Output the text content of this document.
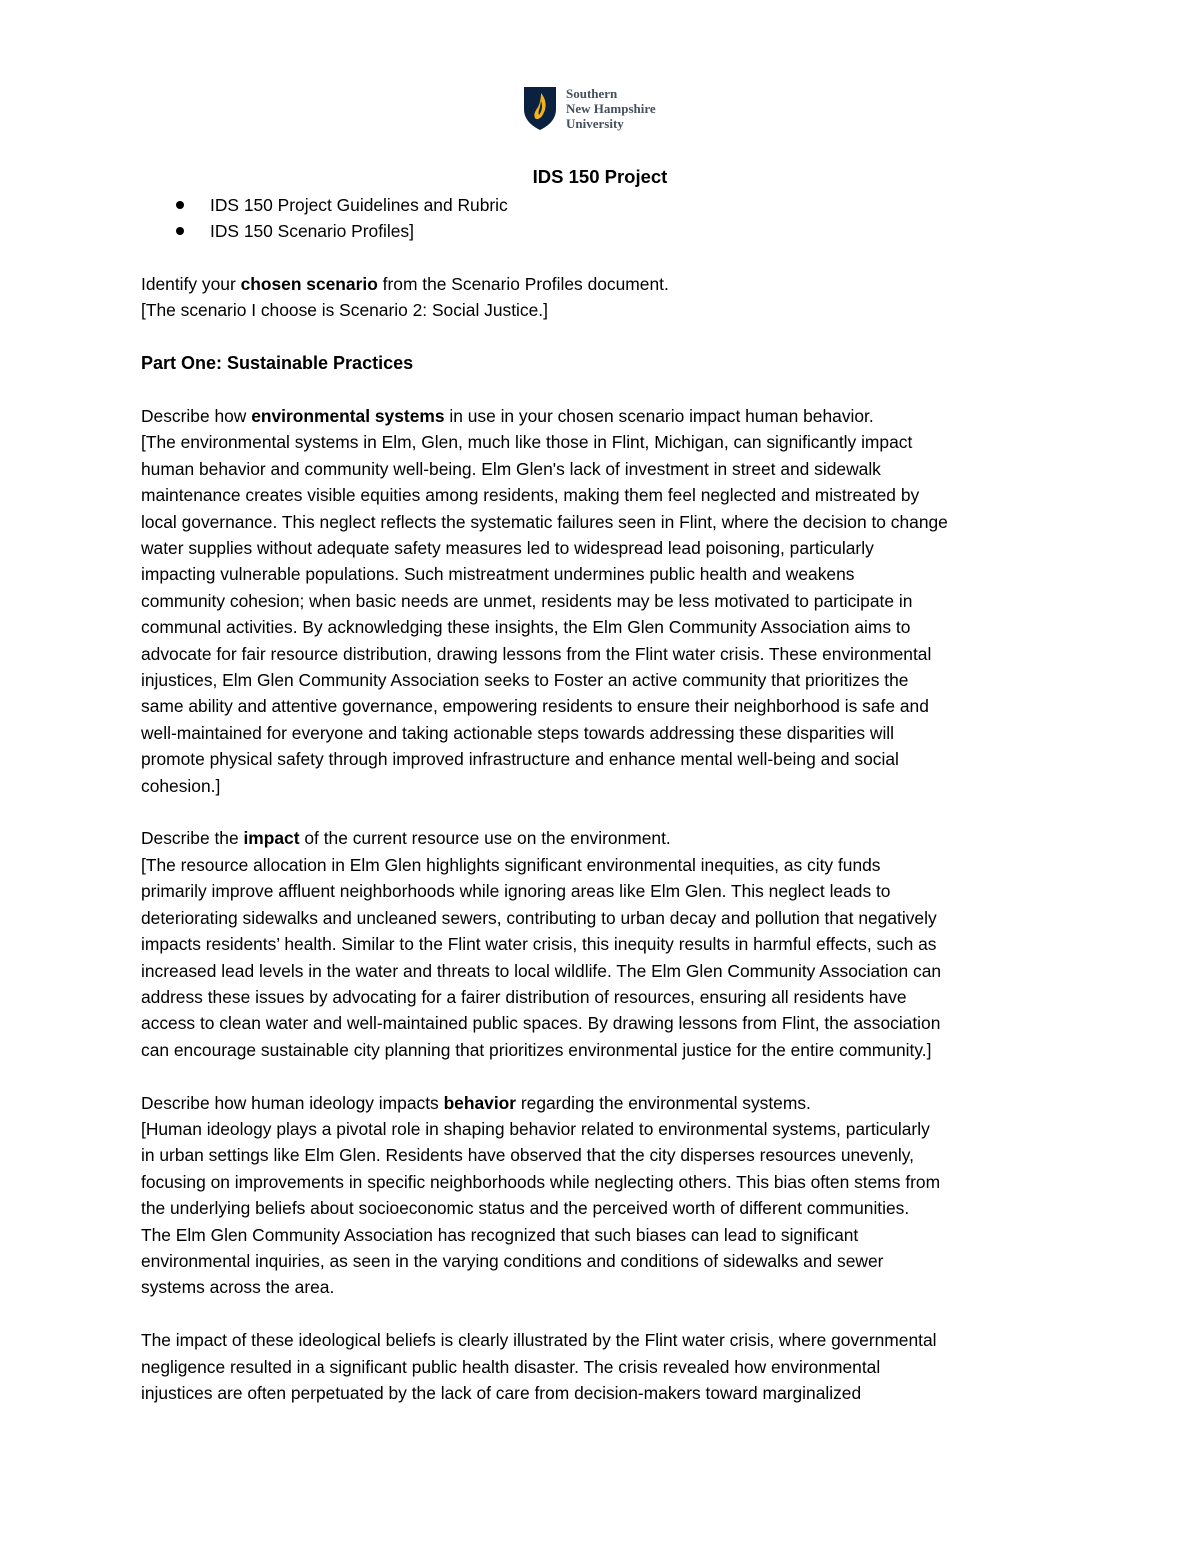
Southern
New Hampshire
University
IDS 150 Project
IDS 150 Project Guidelines and Rubric
IDS 150 Scenario Profiles]
Identify your chosen scenario from the Scenario Profiles document.
[The scenario I choose is Scenario 2: Social Justice.]
Part One: Sustainable Practices
Describe how environmental systems in use in your chosen scenario impact human behavior.
[The environmental systems in Elm, Glen, much like those in Flint, Michigan, can significantly impact
human behavior and community well-being. Elm Glen's lack of investment in street and sidewalk
maintenance creates visible equities among residents, making them feel neglected and mistreated by
local governance. This neglect reflects the systematic failures seen in Flint, where the decision to change
water supplies without adequate safety measures led to widespread lead poisoning, particularly
impacting vulnerable populations. Such mistreatment undermines public health and weakens
community cohesion; when basic needs are unmet, residents may be less motivated to participate in
communal activities. By acknowledging these insights, the Elm Glen Community Association aims to
advocate for fair resource distribution, drawing lessons from the Flint water crisis. These environmental
injustices, Elm Glen Community Association seeks to Foster an active community that prioritizes the
same ability and attentive governance, empowering residents to ensure their neighborhood is safe and
well-maintained for everyone and taking actionable steps towards addressing these disparities will
promote physical safety through improved infrastructure and enhance mental well-being and social
cohesion.]
Describe the impact of the current resource use on the environment.
[The resource allocation in Elm Glen highlights significant environmental inequities, as city funds
primarily improve affluent neighborhoods while ignoring areas like Elm Glen. This neglect leads to
deteriorating sidewalks and uncleaned sewers, contributing to urban decay and pollution that negatively
impacts residents’ health. Similar to the Flint water crisis, this inequity results in harmful effects, such as
increased lead levels in the water and threats to local wildlife. The Elm Glen Community Association can
address these issues by advocating for a fairer distribution of resources, ensuring all residents have
access to clean water and well-maintained public spaces. By drawing lessons from Flint, the association
can encourage sustainable city planning that prioritizes environmental justice for the entire community.]
Describe how human ideology impacts behavior regarding the environmental systems.
[Human ideology plays a pivotal role in shaping behavior related to environmental systems, particularly
in urban settings like Elm Glen. Residents have observed that the city disperses resources unevenly,
focusing on improvements in specific neighborhoods while neglecting others. This bias often stems from
the underlying beliefs about socioeconomic status and the perceived worth of different communities.
The Elm Glen Community Association has recognized that such biases can lead to significant
environmental inquiries, as seen in the varying conditions and conditions of sidewalks and sewer
systems across the area.
The impact of these ideological beliefs is clearly illustrated by the Flint water crisis, where governmental
negligence resulted in a significant public health disaster. The crisis revealed how environmental
injustices are often perpetuated by the lack of care from decision-makers toward marginalized
